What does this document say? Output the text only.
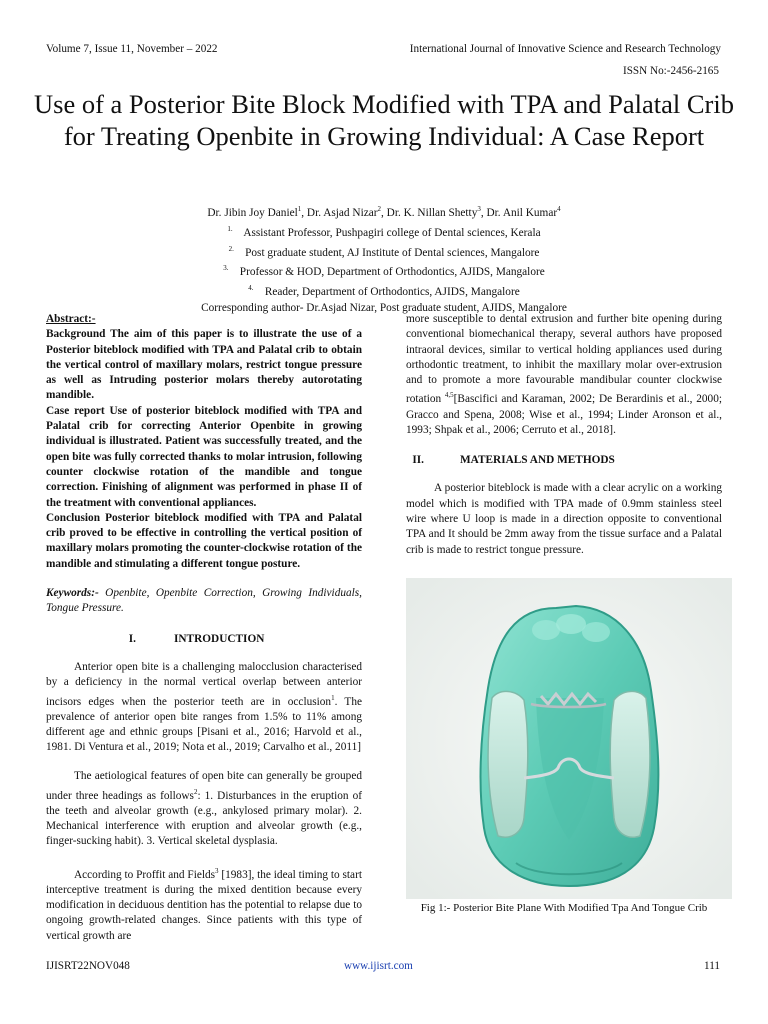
Volume 7, Issue 11, November – 2022	International Journal of Innovative Science and Research Technology
ISSN No:-2456-2165
Use of a Posterior Bite Block Modified with TPA and Palatal Crib for Treating Openbite in Growing Individual: A Case Report
Dr. Jibin Joy Daniel$^1$, Dr. Asjad Nizar$^2$, Dr. K. Nillan Shetty$^3$, Dr. Anil Kumar$^4$
$^{1.}$ Assistant Professor, Pushpagiri college of Dental sciences, Kerala
$^{2.}$ Post graduate student, AJ Institute of Dental sciences, Mangalore
$^{3.}$ Professor & HOD, Department of Orthodontics, AJIDS, Mangalore
$^{4.}$ Reader, Department of Orthodontics, AJIDS, Mangalore
Corresponding author- Dr.Asjad Nizar, Post graduate student, AJIDS, Mangalore
Abstract:-

Background The aim of this paper is to illustrate the use of a Posterior biteblock modified with TPA and Palatal crib to obtain the vertical control of maxillary molars, restrict tongue pressure as well as Intruding posterior molars thereby autorotating mandible.

Case report Use of posterior biteblock modified with TPA and Palatal crib for correcting Anterior Openbite in growing individual is illustrated. Patient was successfully treated, and the open bite was fully corrected thanks to molar intrusion, following counter clockwise rotation of the mandible and tongue correction. Finishing of alignment was performed in phase II of the treatment with conventional appliances.

Conclusion Posterior biteblock modified with TPA and Palatal crib proved to be effective in controlling the vertical position of maxillary molars promoting the counter-clockwise rotation of the mandible and stimulating a different tongue posture.

Keywords:- Openbite, Openbite Correction, Growing Individuals, Tongue Pressure.

I.	INTRODUCTION

Anterior open bite is a challenging malocclusion characterised by a deficiency in the normal vertical overlap between anterior incisors edges when the posterior teeth are in occlusion$^1$. The prevalence of anterior open bite ranges from 1.5% to 11% among different age and ethnic groups [Pisani et al., 2016; Harvold et al., 1981. Di Ventura et al., 2019; Nota et al., 2019; Carvalho et al., 2011]

The aetiological features of open bite can generally be grouped under three headings as follows$^2$: 1. Disturbances in the eruption of the teeth and alveolar growth (e.g., ankylosed primary molar). 2. Mechanical interference with eruption and alveolar growth (e.g., finger-sucking habit). 3. Vertical skeletal dysplasia.

According to Proffit and Fields$^3$ [1983], the ideal timing to start interceptive treatment is during the mixed dentition because every modification in deciduous dentition has the potential to relapse due to ongoing growth-related changes. Since patients with this type of vertical growth are

more susceptible to dental extrusion and further bite opening during conventional biomechanical therapy, several authors have proposed intraoral devices, similar to vertical holding appliances used during orthodontic treatment, to inhibit the maxillary molar over-extrusion and to promote a more favourable mandibular counter clockwise rotation $^{4,5}$[Bascifici and Karaman, 2002; De Berardinis et al., 2000; Gracco and Spena, 2008; Wise et al., 1994; Linder Aronson et al., 1993; Shpak et al., 2006; Cerruto et al., 2018].

II.	MATERIALS AND METHODS

A posterior biteblock is made with a clear acrylic on a working model which is modified with TPA made of 0.9mm stainless steel wire where U loop is made in a direction opposite to conventional TPA and It should be 2mm away from the tissue surface and a Palatal crib is made to restrict tongue pressure.

Fig 1:- Posterior Bite Plane With Modified Tpa And Tongue Crib
IJISRT22NOV048	www.ijisrt.com	111
